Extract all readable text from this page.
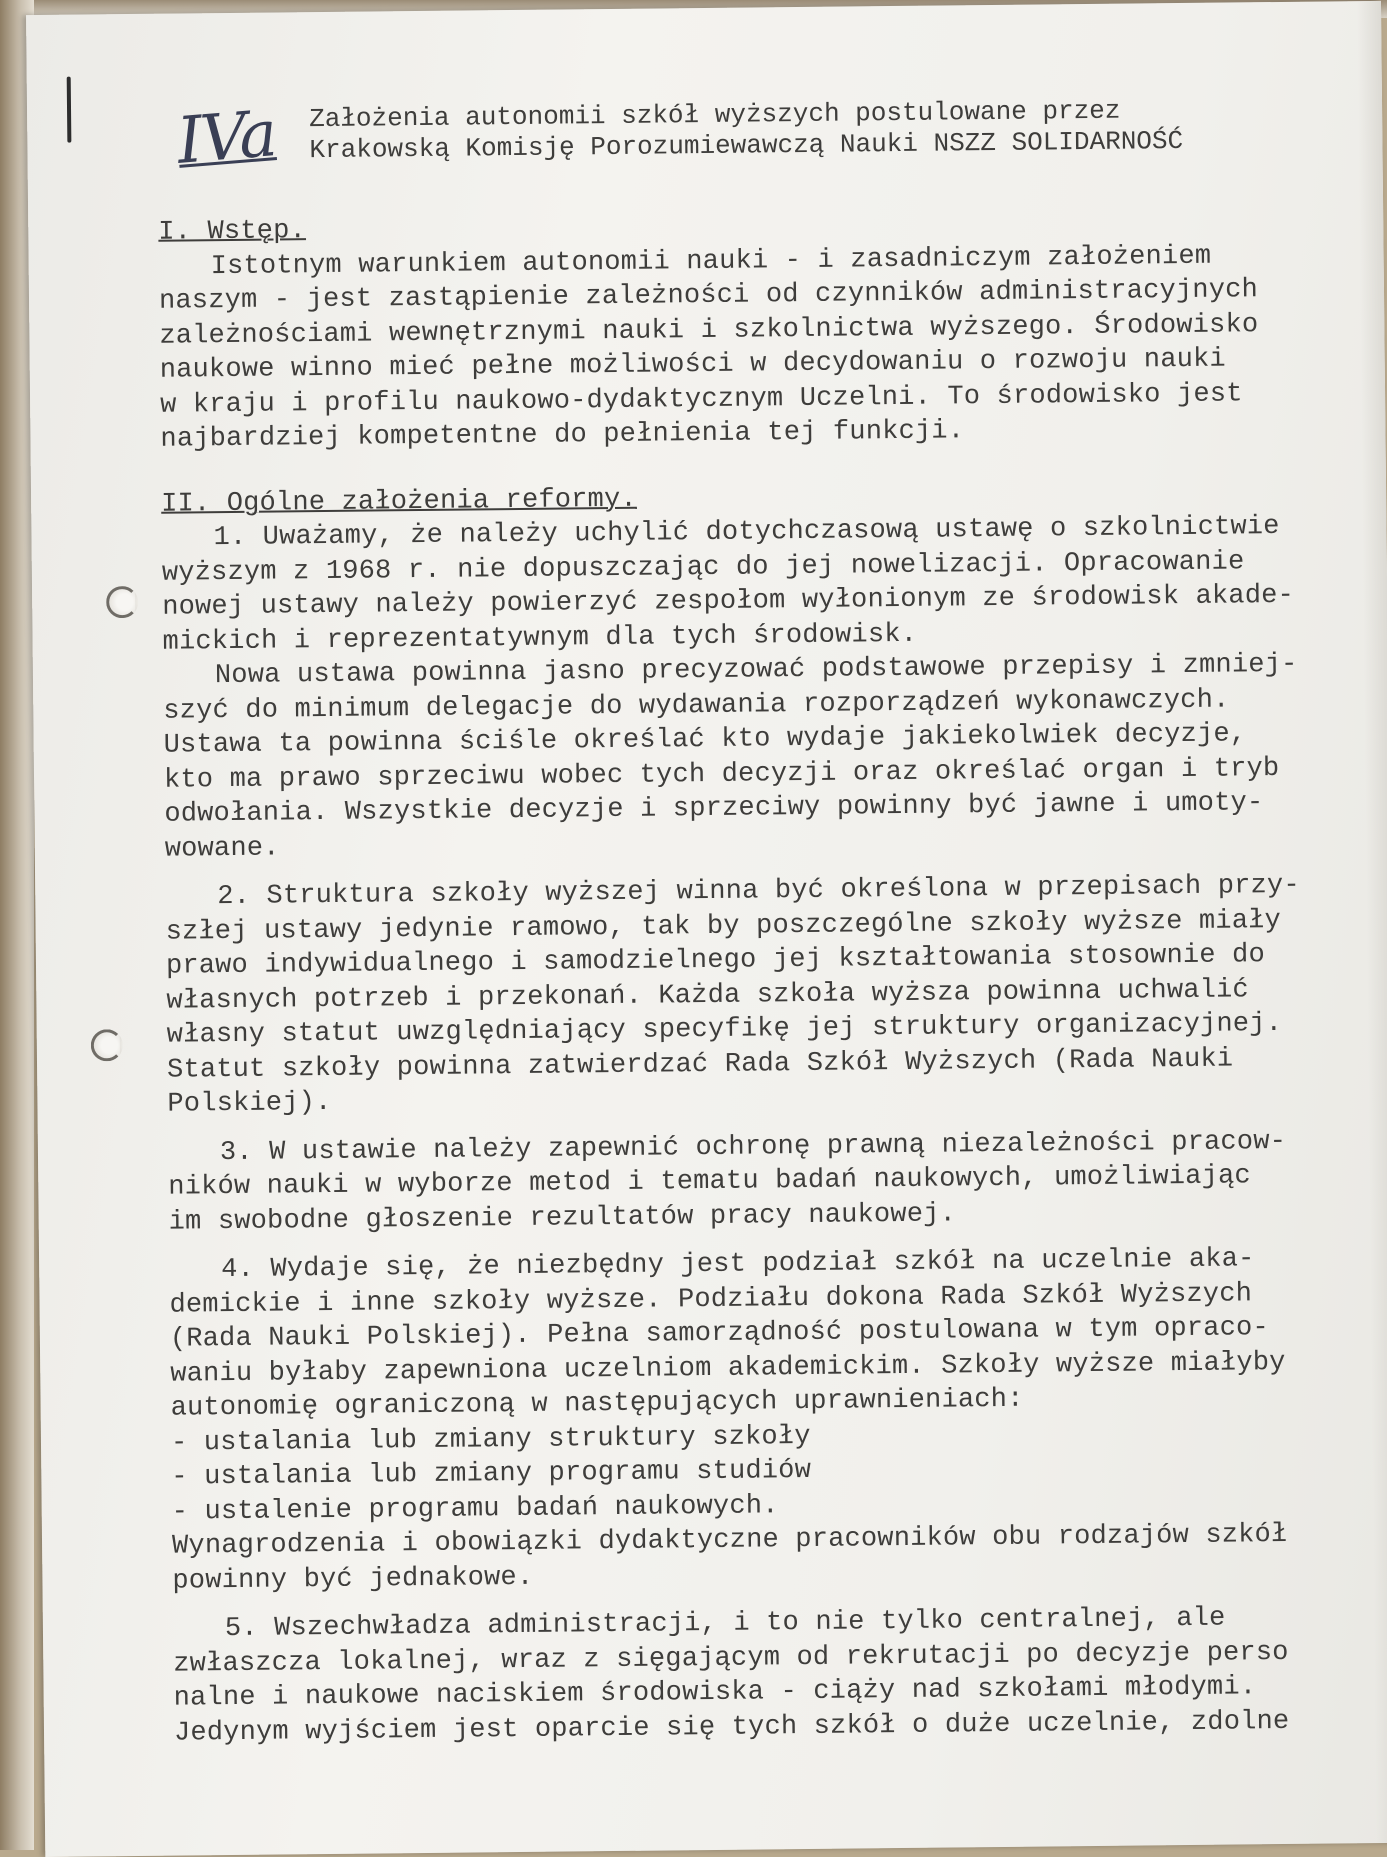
IVa Założenia autonomii szkół wyższych postulowane przez
Krakowską Komisję Porozumiewawczą Nauki NSZZ SOLIDARNOŚĆ
I. Wstęp.
Istotnym warunkiem autonomii nauki - i zasadniczym założeniem
naszym - jest zastąpienie zależności od czynników administracyjnych
zależnościami wewnętrznymi nauki i szkolnictwa wyższego. Środowisko
naukowe winno mieć pełne możliwości w decydowaniu o rozwoju nauki
w kraju i profilu naukowo-dydaktycznym Uczelni. To środowisko jest
najbardziej kompetentne do pełnienia tej funkcji.
II. Ogólne założenia reformy.
1. Uważamy, że należy uchylić dotychczasową ustawę o szkolnictwie
wyższym z 1968 r. nie dopuszczając do jej nowelizacji. Opracowanie
nowej ustawy należy powierzyć zespołom wyłonionym ze środowisk akade-
mickich i reprezentatywnym dla tych środowisk.
Nowa ustawa powinna jasno precyzować podstawowe przepisy i zmniej-
szyć do minimum delegacje do wydawania rozporządzeń wykonawczych.
Ustawa ta powinna ściśle określać kto wydaje jakiekolwiek decyzje,
kto ma prawo sprzeciwu wobec tych decyzji oraz określać organ i tryb
odwołania. Wszystkie decyzje i sprzeciwy powinny być jawne i umoty-
wowane.
2. Struktura szkoły wyższej winna być określona w przepisach przy-
szłej ustawy jedynie ramowo, tak by poszczególne szkoły wyższe miały
prawo indywidualnego i samodzielnego jej kształtowania stosownie do
własnych potrzeb i przekonań. Każda szkoła wyższa powinna uchwalić
własny statut uwzględniający specyfikę jej struktury organizacyjnej.
Statut szkoły powinna zatwierdzać Rada Szkół Wyższych (Rada Nauki
Polskiej).
3. W ustawie należy zapewnić ochronę prawną niezależności pracow-
ników nauki w wyborze metod i tematu badań naukowych, umożliwiając
im swobodne głoszenie rezultatów pracy naukowej.
4. Wydaje się, że niezbędny jest podział szkół na uczelnie aka-
demickie i inne szkoły wyższe. Podziału dokona Rada Szkół Wyższych
(Rada Nauki Polskiej). Pełna samorządność postulowana w tym opraco-
waniu byłaby zapewniona uczelniom akademickim. Szkoły wyższe miałyby
autonomię ograniczoną w następujących uprawnieniach:
- ustalania lub zmiany struktury szkoły
- ustalania lub zmiany programu studiów
- ustalenie programu badań naukowych.
Wynagrodzenia i obowiązki dydaktyczne pracowników obu rodzajów szkół
powinny być jednakowe.
5. Wszechwładza administracji, i to nie tylko centralnej, ale
zwłaszcza lokalnej, wraz z sięgającym od rekrutacji po decyzje perso
nalne i naukowe naciskiem środowiska - ciąży nad szkołami młodymi.
Jedynym wyjściem jest oparcie się tych szkół o duże uczelnie, zdolne
